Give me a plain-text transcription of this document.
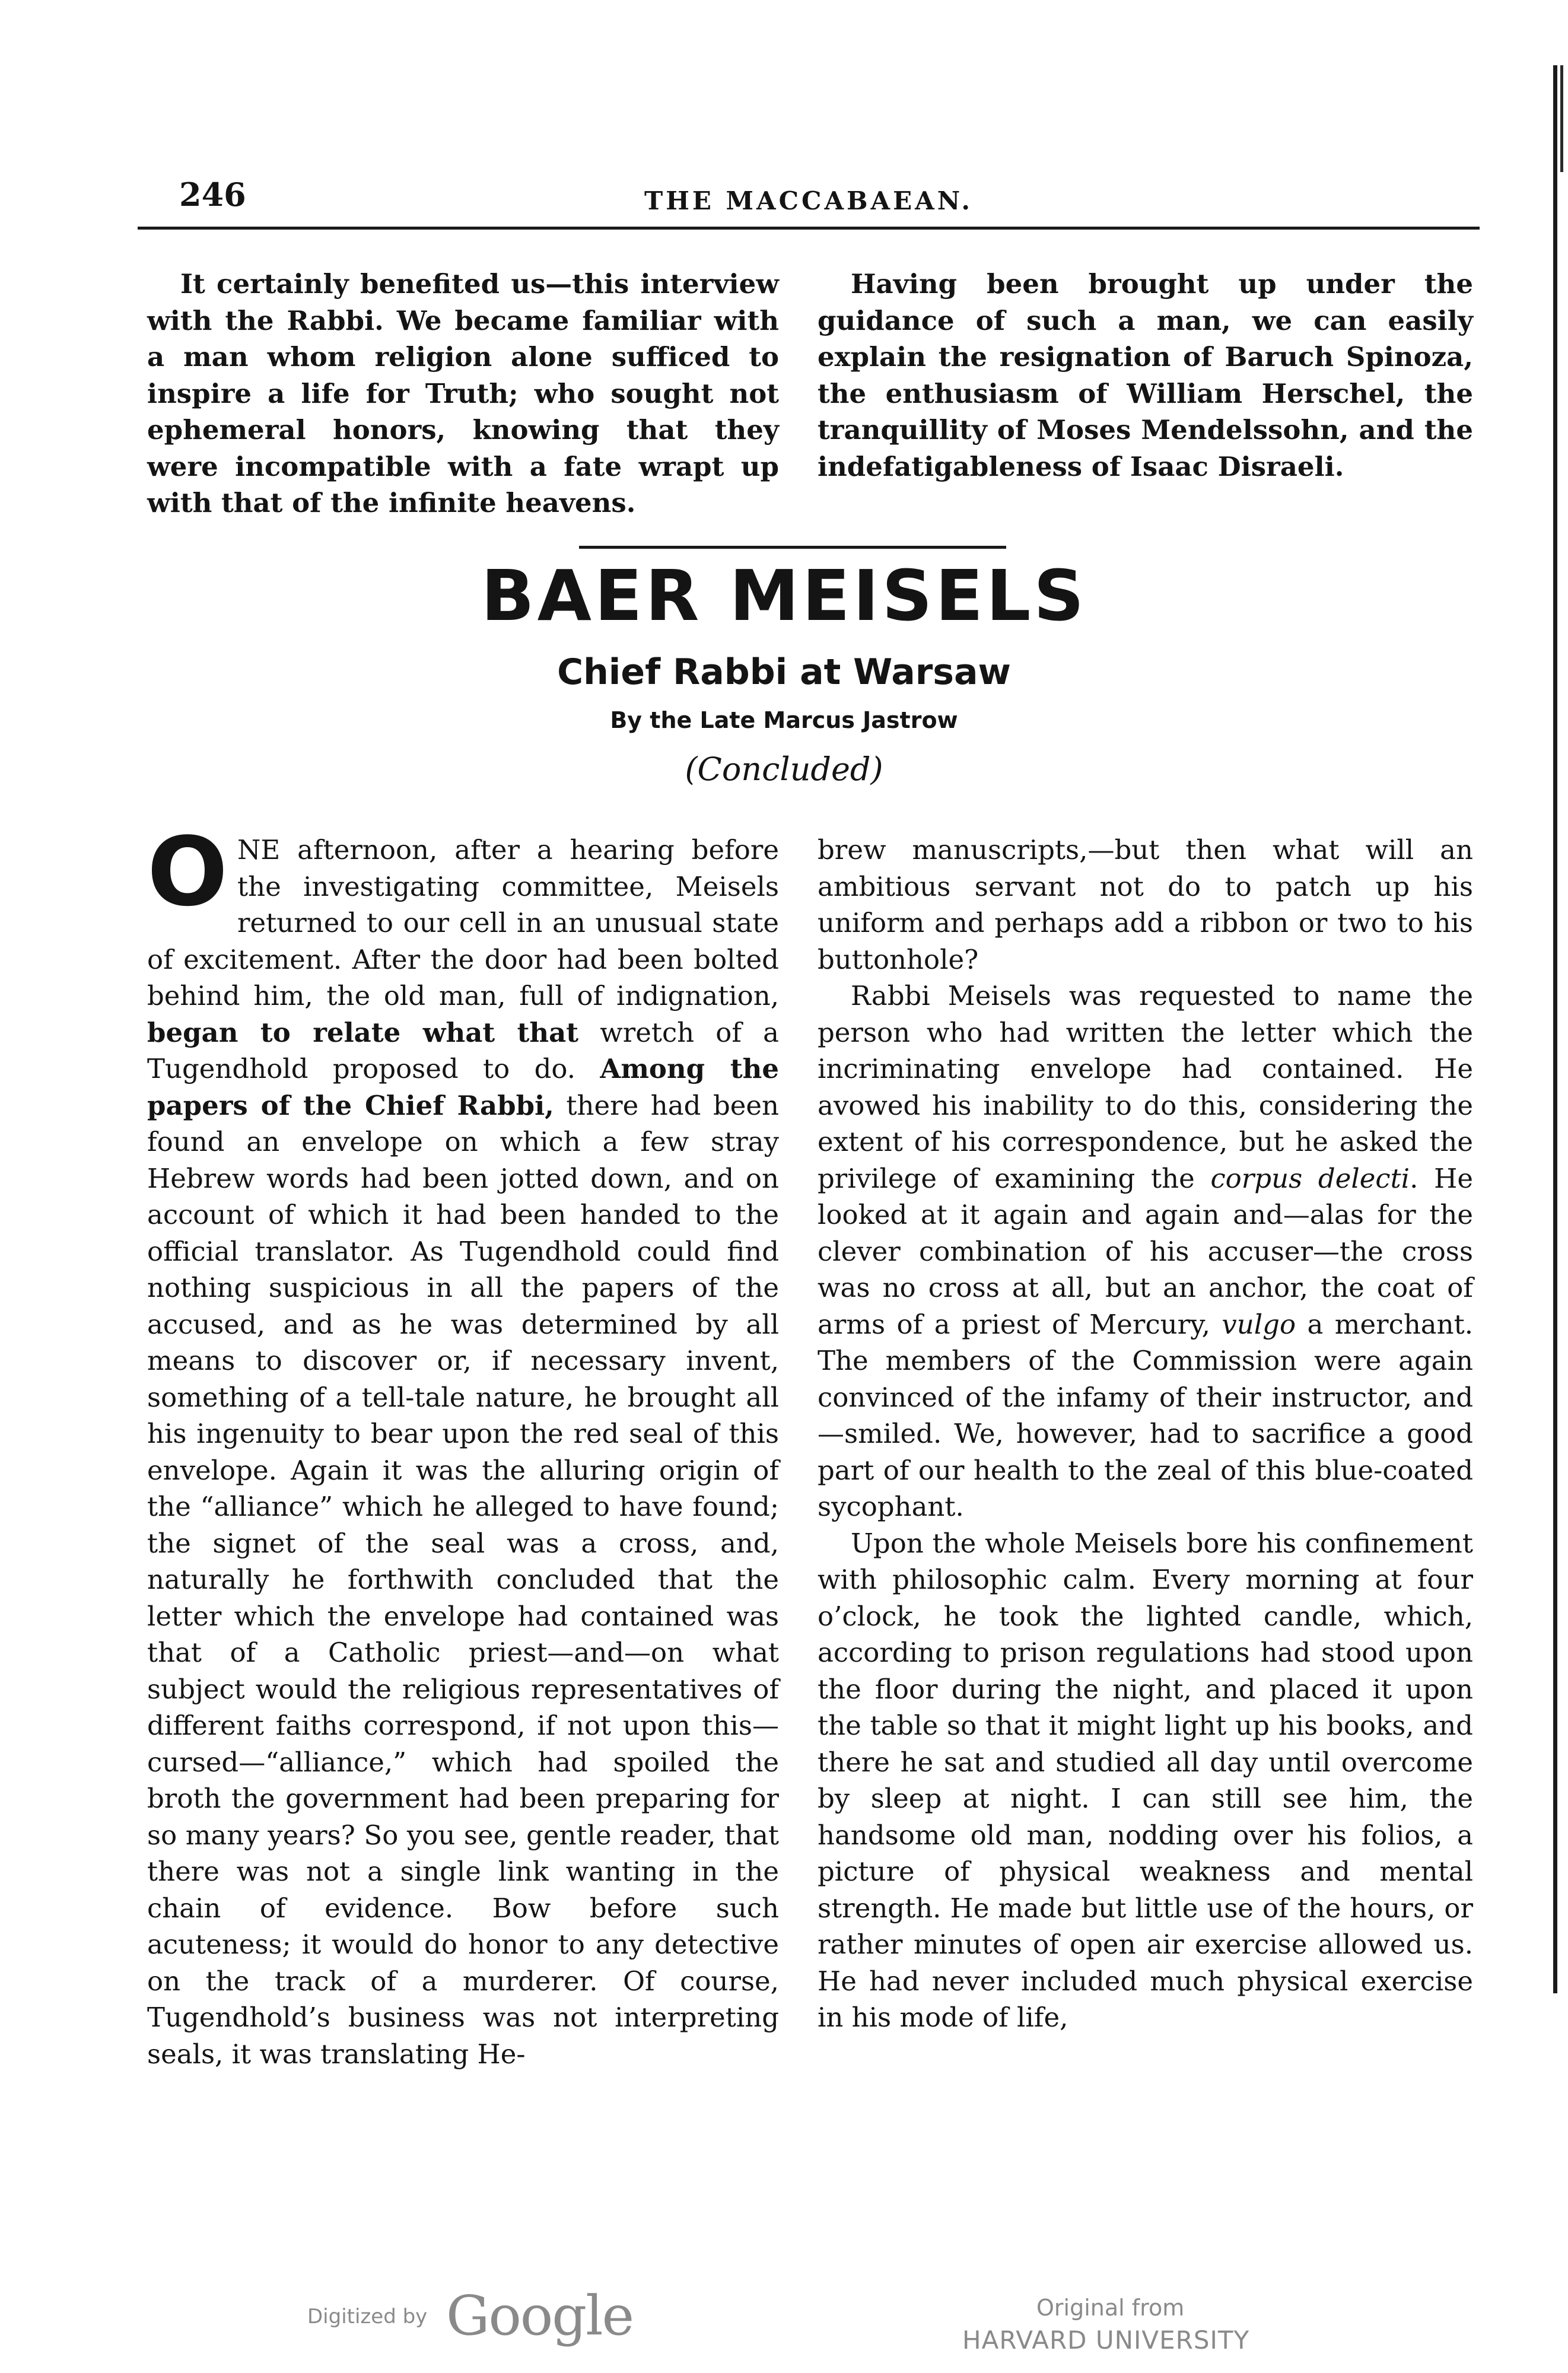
246	THE MACCABAEAN.

It certainly benefited us—this interview with the Rabbi. We became familiar with a man whom religion alone sufficed to inspire a life for Truth; who sought not ephemeral honors, knowing that they were incompatible with a fate wrapt up with that of the infinite heavens.

Having been brought up under the guidance of such a man, we can easily explain the resignation of Baruch Spinoza, the enthusiasm of William Herschel, the tranquillity of Moses Mendelssohn, and the indefatigableness of Isaac Disraeli.

BAER MEISELS
Chief Rabbi at Warsaw
By the Late Marcus Jastrow
(Concluded)

ONE afternoon, after a hearing before the investigating committee, Meisels returned to our cell in an unusual state of excitement. After the door had been bolted behind him, the old man, full of indignation, began to relate what that wretch of a Tugendhold proposed to do. Among the papers of the Chief Rabbi, there had been found an envelope on which a few stray Hebrew words had been jotted down, and on account of which it had been handed to the official translator. As Tugendhold could find nothing suspicious in all the papers of the accused, and as he was determined by all means to discover or, if necessary invent, something of a tell-tale nature, he brought all his ingenuity to bear upon the red seal of this envelope. Again it was the alluring origin of the “alliance” which he alleged to have found; the signet of the seal was a cross, and, naturally he forthwith concluded that the letter which the envelope had contained was that of a Catholic priest—and—on what subject would the religious representatives of different faiths correspond, if not upon this—cursed—“alliance,” which had spoiled the broth the government had been preparing for so many years? So you see, gentle reader, that there was not a single link wanting in the chain of evidence. Bow before such acuteness; it would do honor to any detective on the track of a murderer. Of course, Tugendhold’s business was not interpreting seals, it was translating He-

brew manuscripts,—but then what will an ambitious servant not do to patch up his uniform and perhaps add a ribbon or two to his buttonhole?

Rabbi Meisels was requested to name the person who had written the letter which the incriminating envelope had contained. He avowed his inability to do this, considering the extent of his correspondence, but he asked the privilege of examining the corpus delecti. He looked at it again and again and—alas for the clever combination of his accuser—the cross was no cross at all, but an anchor, the coat of arms of a priest of Mercury, vulgo a merchant. The members of the Commission were again convinced of the infamy of their instructor, and—smiled. We, however, had to sacrifice a good part of our health to the zeal of this blue-coated sycophant.

Upon the whole Meisels bore his confinement with philosophic calm. Every morning at four o’clock, he took the lighted candle, which, according to prison regulations had stood upon the floor during the night, and placed it upon the table so that it might light up his books, and there he sat and studied all day until overcome by sleep at night. I can still see him, the handsome old man, nodding over his folios, a picture of physical weakness and mental strength. He made but little use of the hours, or rather minutes of open air exercise allowed us. He had never included much physical exercise in his mode of life,

Digitized by Google	Original from
HARVARD UNIVERSITY
